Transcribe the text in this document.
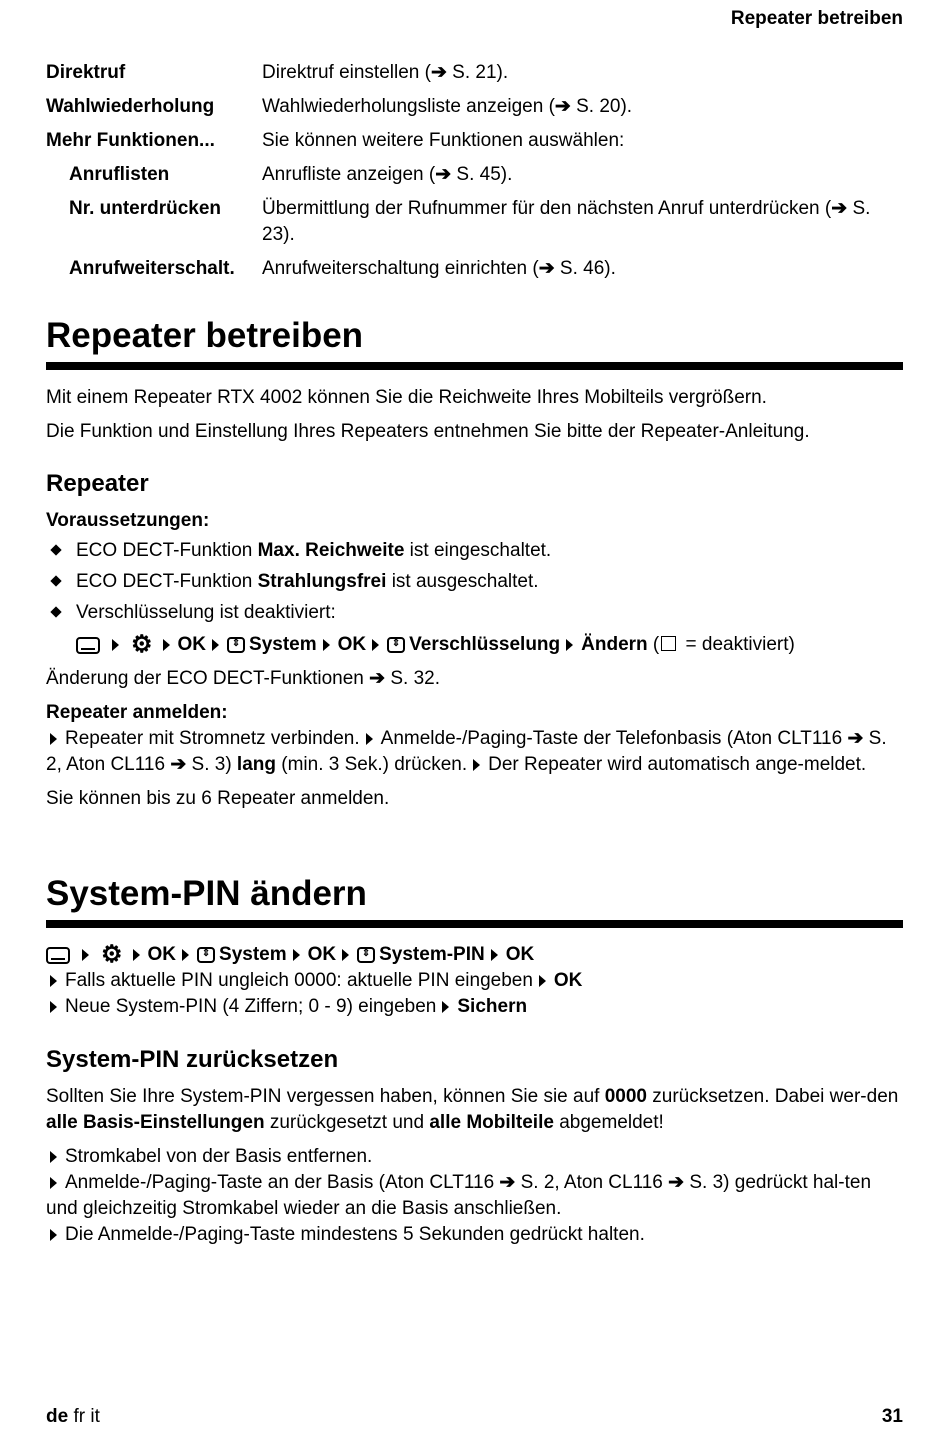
Repeater betreiben
Direktruf	Direktruf einstellen (➔ S. 21).
Wahlwiederholung	Wahlwiederholungsliste anzeigen (➔ S. 20).
Mehr Funktionen...	Sie können weitere Funktionen auswählen:
Anruflisten	Anrufliste anzeigen (➔ S. 45).
Nr. unterdrücken	Übermittlung der Rufnummer für den nächsten Anruf unterdrücken (➔ S. 23).
Anrufweiterschalt.	Anrufweiterschaltung einrichten (➔ S. 46).
Repeater betreiben
Mit einem Repeater RTX 4002 können Sie die Reichweite Ihres Mobilteils vergrößern.
Die Funktion und Einstellung Ihres Repeaters entnehmen Sie bitte der Repeater-Anleitung.
Repeater
Voraussetzungen:
ECO DECT-Funktion Max. Reichweite ist eingeschaltet.
ECO DECT-Funktion Strahlungsfrei ist ausgeschaltet.
Verschlüsselung ist deaktiviert:
⚙ OK	⇕ System OK	⇕ Verschlüsselung Ändern ( = deaktiviert)
Änderung der ECO DECT-Funktionen ➔ S. 32.
Repeater anmelden:
Repeater mit Stromnetz verbinden. Anmelde-/Paging-Taste der Telefonbasis (Aton CLT116 ➔ S. 2, Aton CL116 ➔ S. 3) lang (min. 3 Sek.) drücken. Der Repeater wird automatisch ange-meldet.
Sie können bis zu 6 Repeater anmelden.
System-PIN ändern
⚙ OK	⇕ System OK	⇕ System-PIN OK
Falls aktuelle PIN ungleich 0000: aktuelle PIN eingeben OK
Neue System-PIN (4 Ziffern; 0 - 9) eingeben Sichern
System-PIN zurücksetzen
Sollten Sie Ihre System-PIN vergessen haben, können Sie sie auf 0000 zurücksetzen. Dabei wer-den alle Basis-Einstellungen zurückgesetzt und alle Mobilteile abgemeldet!
Stromkabel von der Basis entfernen.
Anmelde-/Paging-Taste an der Basis (Aton CLT116 ➔ S. 2, Aton CL116 ➔ S. 3) gedrückt hal-ten und gleichzeitig Stromkabel wieder an die Basis anschließen.
Die Anmelde-/Paging-Taste mindestens 5 Sekunden gedrückt halten.
de fr it	31
